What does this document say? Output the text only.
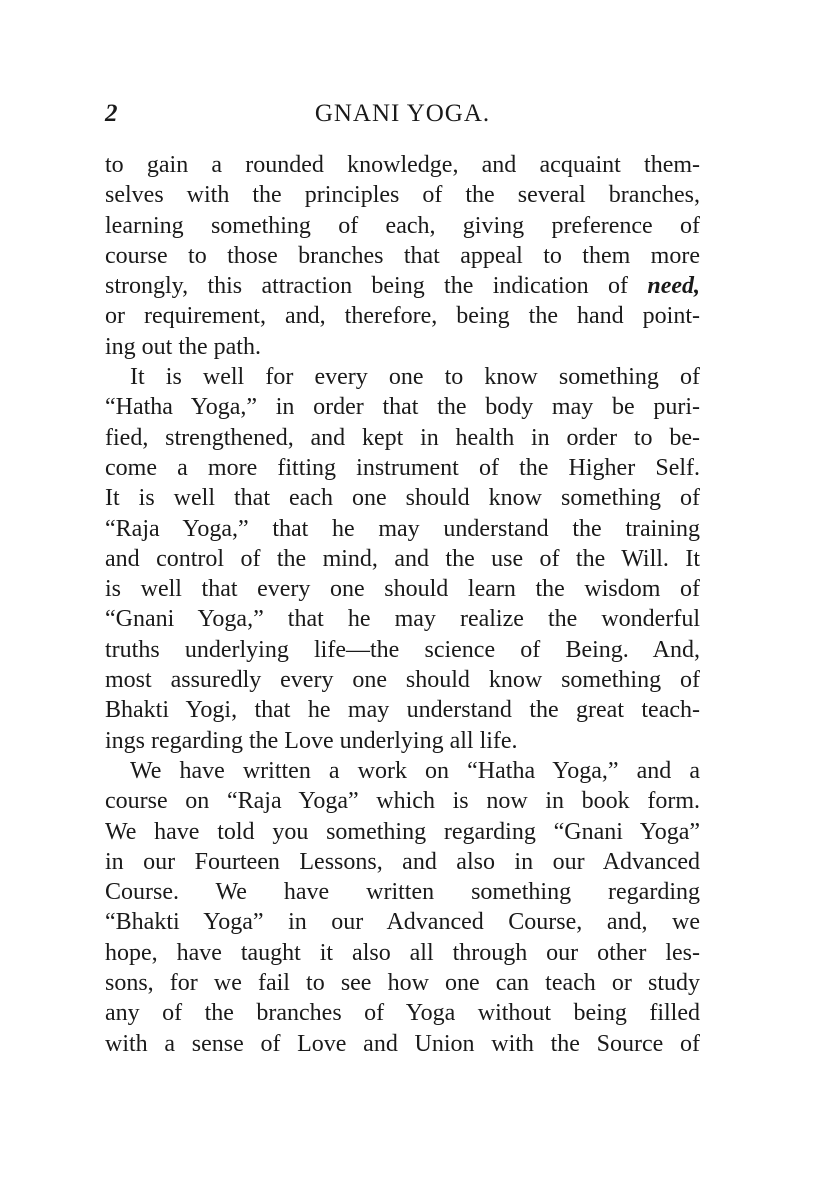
2	GNANI YOGA.
to gain a rounded knowledge, and acquaint them-
selves with the principles of the several branches,
learning something of each, giving preference of
course to those branches that appeal to them more
strongly, this attraction being the indication of need,
or requirement, and, therefore, being the hand point-
ing out the path.
It is well for every one to know something of
“Hatha Yoga,” in order that the body may be puri-
fied, strengthened, and kept in health in order to be-
come a more fitting instrument of the Higher Self.
It is well that each one should know something of
“Raja Yoga,” that he may understand the training
and control of the mind, and the use of the Will. It
is well that every one should learn the wisdom of
“Gnani Yoga,” that he may realize the wonderful
truths underlying life—the science of Being. And,
most assuredly every one should know something of
Bhakti Yogi, that he may understand the great teach-
ings regarding the Love underlying all life.
We have written a work on “Hatha Yoga,” and a
course on “Raja Yoga” which is now in book form.
We have told you something regarding “Gnani Yoga”
in our Fourteen Lessons, and also in our Advanced
Course. We have written something regarding
“Bhakti Yoga” in our Advanced Course, and, we
hope, have taught it also all through our other les-
sons, for we fail to see how one can teach or study
any of the branches of Yoga without being filled
with a sense of Love and Union with the Source of
